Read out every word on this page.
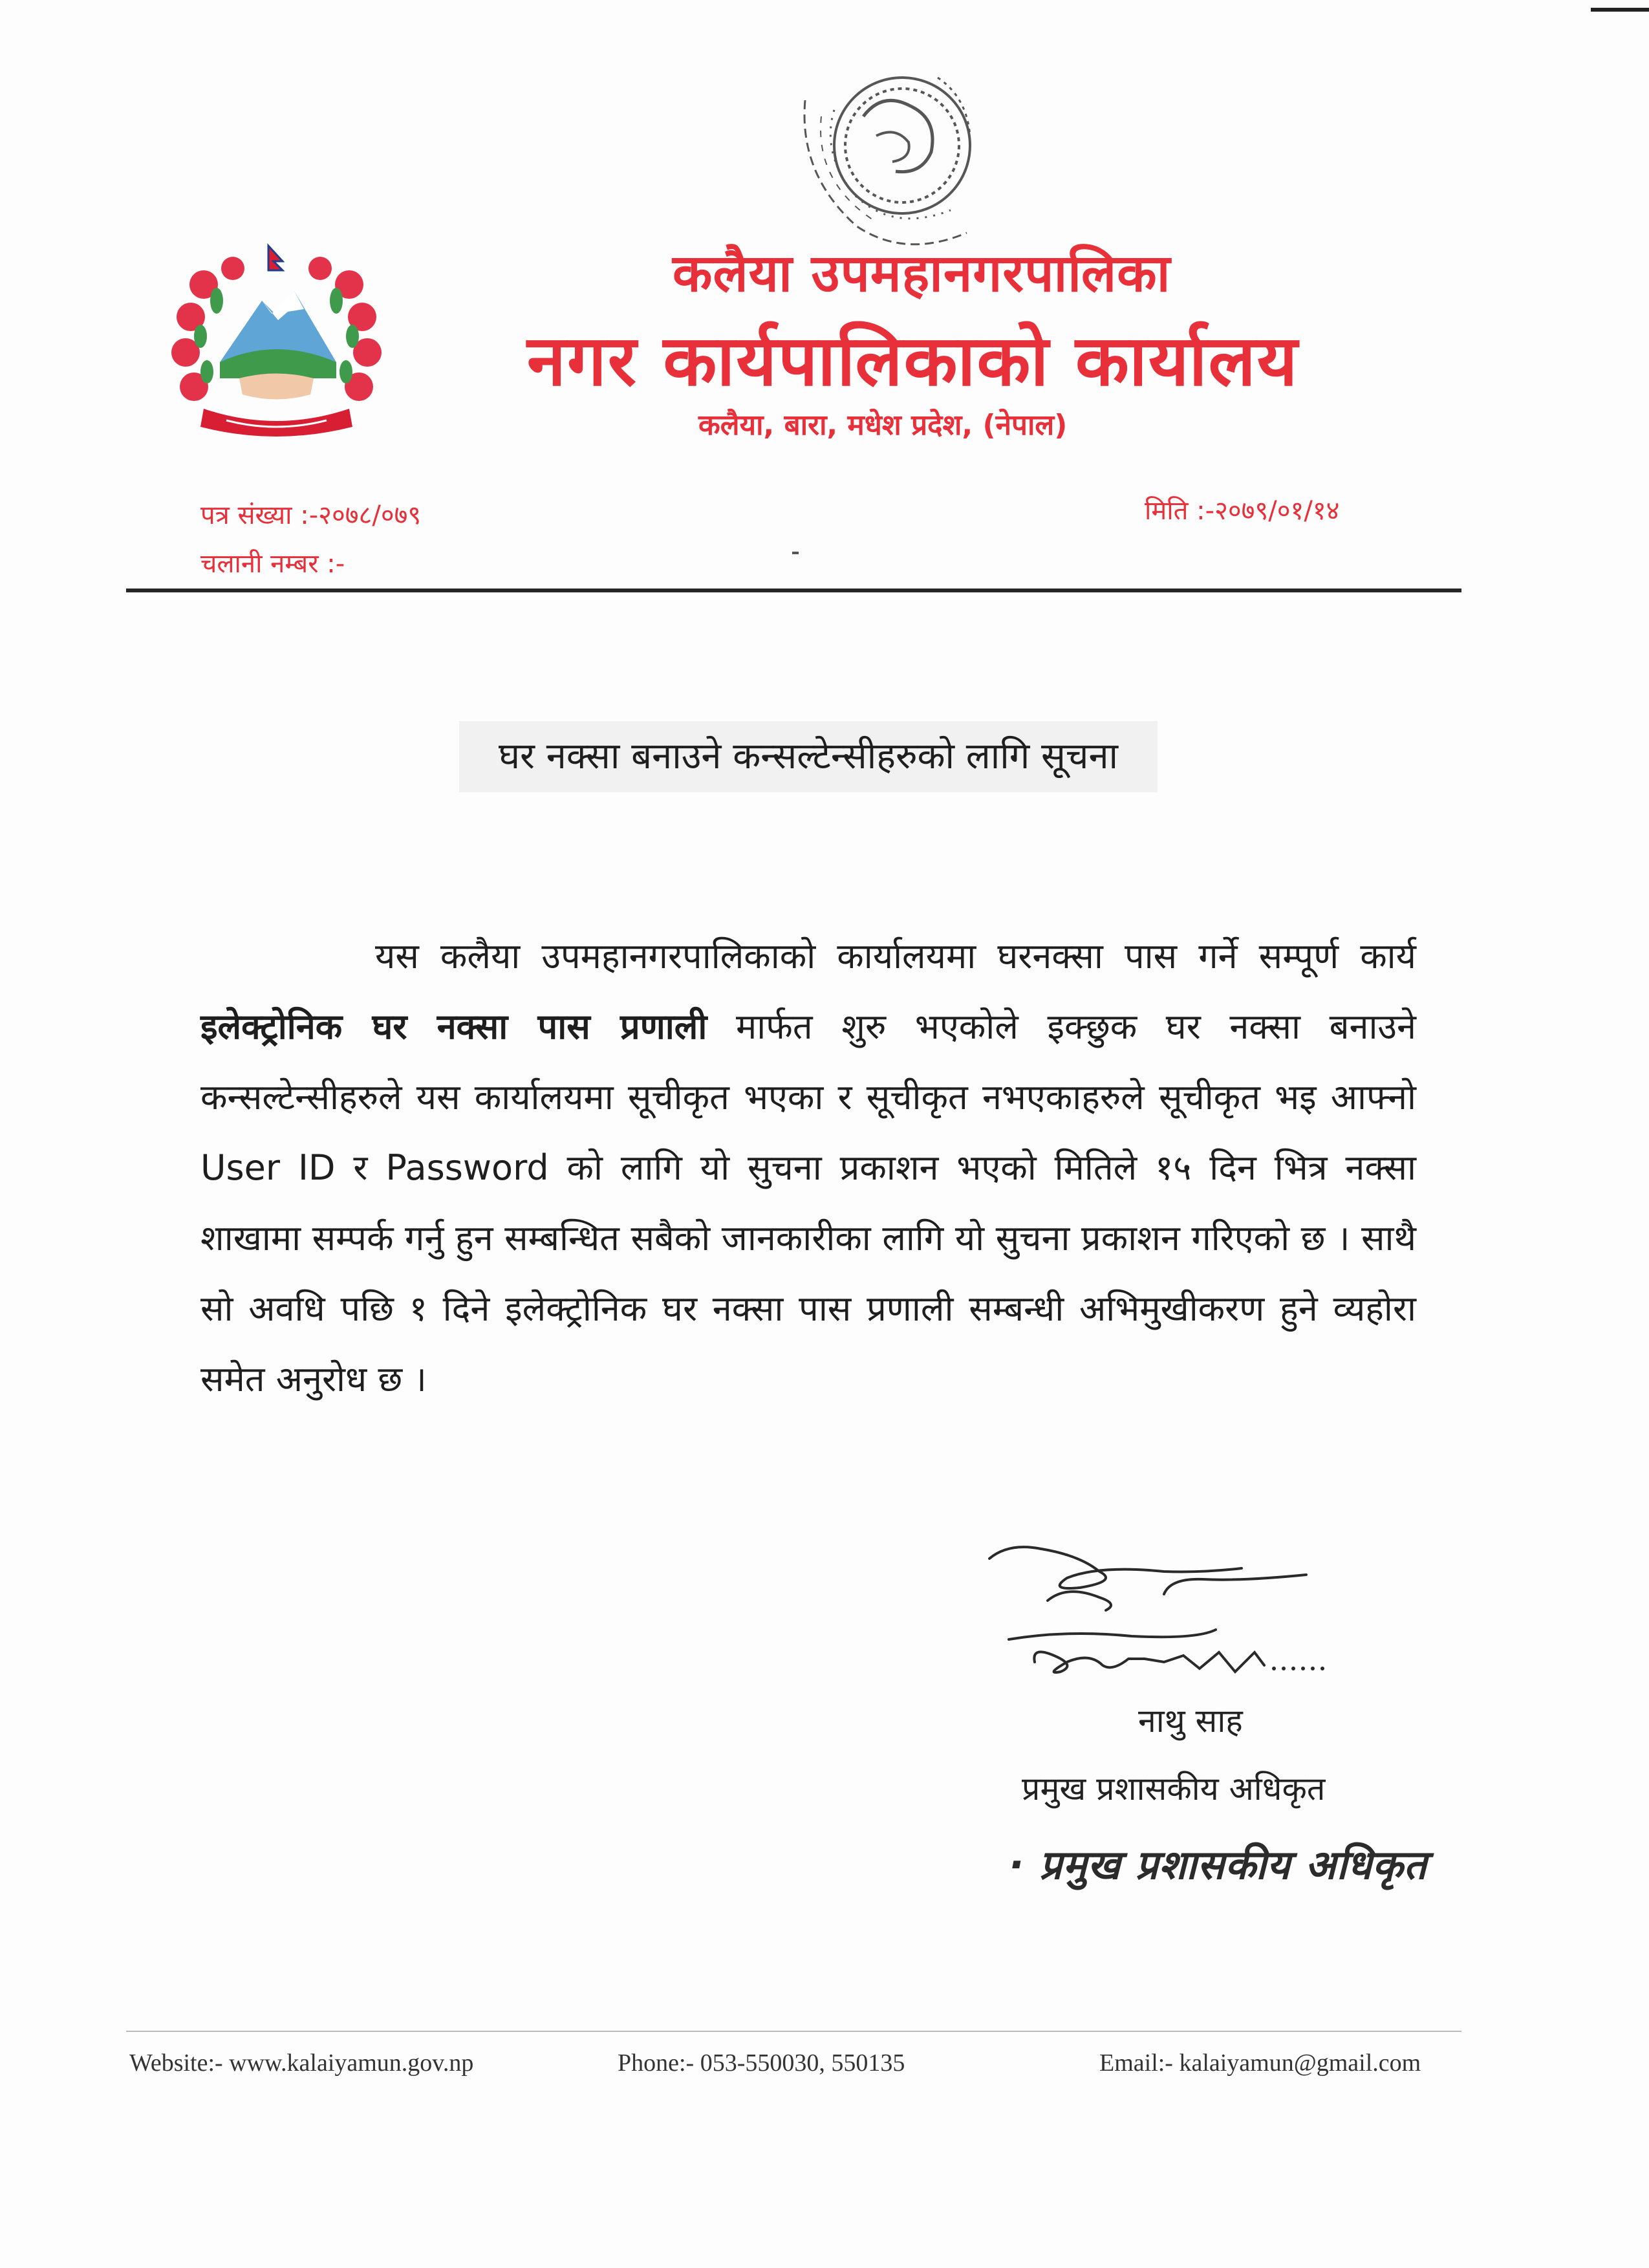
कलैया उपमहानगरपालिका
नगर कार्यपालिकाको कार्यालय
कलैया, बारा, मधेश प्रदेश, (नेपाल)
पत्र संख्या :-२०७८/०७९
चलानी नम्बर :-
मिति :-२०७९/०१/१४
घर नक्सा बनाउने कन्सल्टेन्सीहरुको लागि सूचना

यस कलैया उपमहानगरपालिकाको कार्यालयमा घरनक्सा पास गर्ने सम्पूर्ण कार्य इलेक्ट्रोनिक घर नक्सा पास प्रणाली मार्फत शुरु भएकोले इक्छुक घर नक्सा बनाउने कन्सल्टेन्सीहरुले यस कार्यालयमा सूचीकृत भएका र सूचीकृत नभएकाहरुले सूचीकृत भइ आफ्नो User ID र Password को लागि यो सुचना प्रकाशन भएको मितिले १५ दिन भित्र नक्सा शाखामा सम्पर्क गर्नु हुन सम्बन्धित सबैको जानकारीका लागि यो सुचना प्रकाशन गरिएको छ । साथै सो अवधि पछि १ दिने इलेक्ट्रोनिक घर नक्सा पास प्रणाली सम्बन्धी अभिमुखीकरण हुने व्यहोरा समेत अनुरोध छ ।

नाथु साह
प्रमुख प्रशासकीय अधिकृत
· प्रमुख प्रशासकीय अधिकृत
Website:- www.kalaiyamun.gov.np	Phone:- 053-550030, 550135	Email:- kalaiyamun@gmail.com
